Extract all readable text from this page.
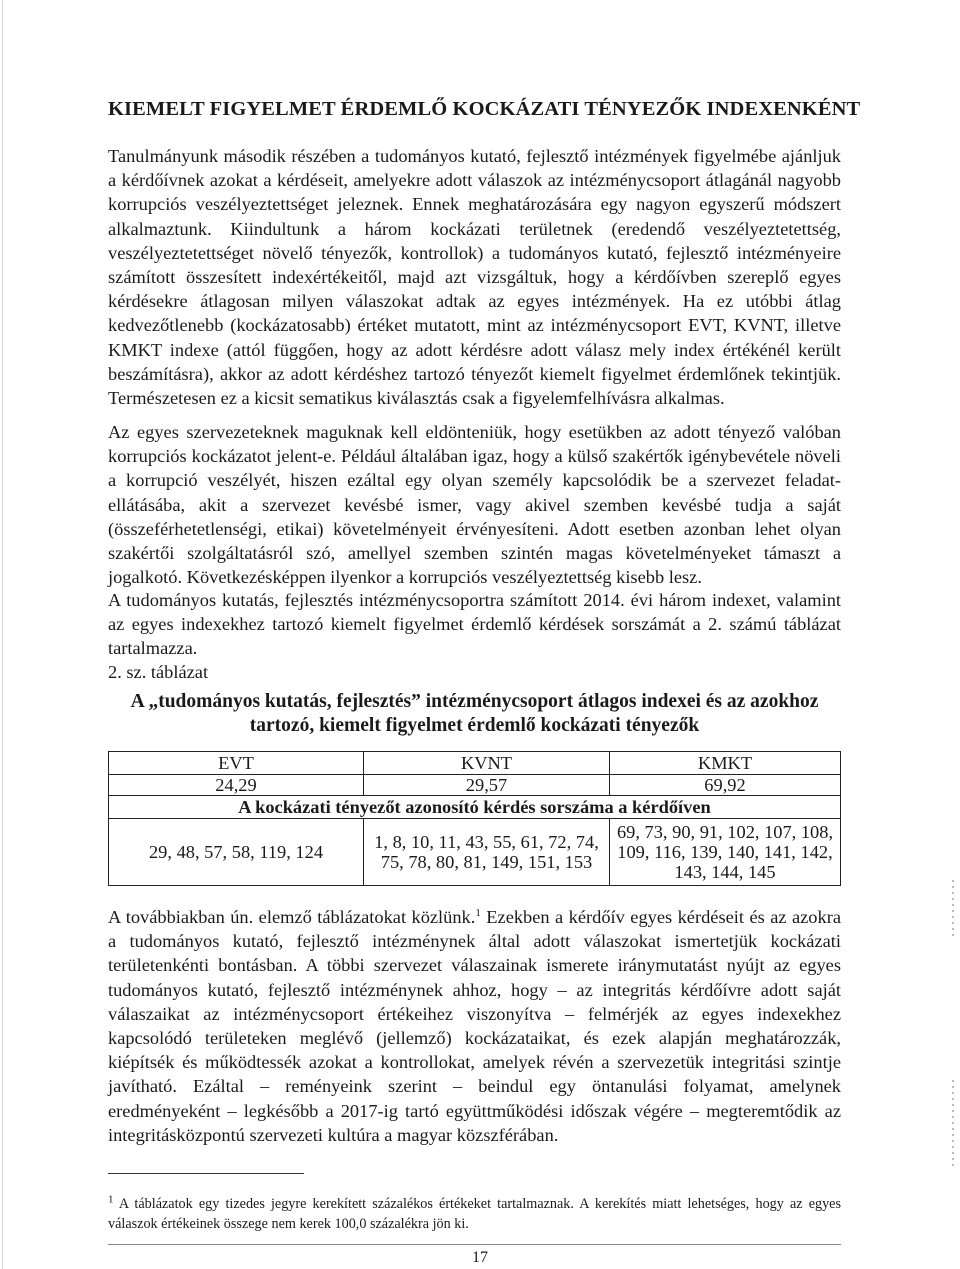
KIEMELT FIGYELMET ÉRDEMLŐ KOCKÁZATI TÉNYEZŐK INDEXENKÉNT

Tanulmányunk második részében a tudományos kutató, fejlesztő intézmények figyelmébe ajánljuk a kérdőívnek azokat a kérdéseit, amelyekre adott válaszok az intézménycsoport átlagánál nagyobb korrupciós veszélyeztettséget jeleznek. Ennek meghatározására egy nagyon egyszerű módszert alkalmaztunk. Kiindultunk a három kockázati területnek (eredendő veszélyeztetettség, veszélyeztetettséget növelő tényezők, kontrollok) a tudományos kutató, fejlesztő intézményeire számított összesített indexértékeitől, majd azt vizsgáltuk, hogy a kérdőívben szereplő egyes kérdésekre átlagosan milyen válaszokat adtak az egyes intézmények. Ha ez utóbbi átlag kedvezőtlenebb (kockázatosabb) értéket mutatott, mint az intézménycsoport EVT, KVNT, illetve KMKT indexe (attól függően, hogy az adott kérdésre adott válasz mely index értékénél került beszámításra), akkor az adott kérdéshez tartozó tényezőt kiemelt figyelmet érdemlőnek tekintjük. Természetesen ez a kicsit sematikus kiválasztás csak a figyelemfelhívásra alkalmas.

Az egyes szervezeteknek maguknak kell eldönteniük, hogy esetükben az adott tényező valóban korrupciós kockázatot jelent-e. Például általában igaz, hogy a külső szakértők igénybevétele növeli a korrupció veszélyét, hiszen ezáltal egy olyan személy kapcsolódik be a szervezet feladat-ellátásába, akit a szervezet kevésbé ismer, vagy akivel szemben kevésbé tudja a saját (összeférhetetlenségi, etikai) követelményeit érvényesíteni. Adott esetben azonban lehet olyan szakértői szolgáltatásról szó, amellyel szemben szintén magas követelményeket támaszt a jogalkotó. Következésképpen ilyenkor a korrupciós veszélyeztettség kisebb lesz.

A tudományos kutatás, fejlesztés intézménycsoportra számított 2014. évi három indexet, valamint az egyes indexekhez tartozó kiemelt figyelmet érdemlő kérdések sorszámát a 2. számú táblázat tartalmazza.

2. sz. táblázat
A „tudományos kutatás, fejlesztés” intézménycsoport átlagos indexei és az azokhoz tartozó, kiemelt figyelmet érdemlő kockázati tényezők
EVT	KVNT	KMKT
24,29	29,57	69,92
A kockázati tényezőt azonosító kérdés sorszáma a kérdőíven		
29, 48, 57, 58, 119, 124	1, 8, 10, 11, 43, 55, 61, 72, 74, 75, 78, 80, 81, 149, 151, 153	69, 73, 90, 91, 102, 107, 108, 109, 116, 139, 140, 141, 142, 143, 144, 145

A továbbiakban ún. elemző táblázatokat közlünk.$^1$ Ezekben a kérdőív egyes kérdéseit és az azokra a tudományos kutató, fejlesztő intézménynek által adott válaszokat ismertetjük kockázati területenkénti bontásban. A többi szervezet válaszainak ismerete iránymutatást nyújt az egyes tudományos kutató, fejlesztő intézménynek ahhoz, hogy – az integritás kérdőívre adott saját válaszaikat az intézménycsoport értékeihez viszonyítva – felmérjék az egyes indexekhez kapcsolódó területeken meglévő (jellemző) kockázataikat, és ezek alapján meghatározzák, kiépítsék és működtessék azokat a kontrollokat, amelyek révén a szervezetük integritási szintje javítható. Ezáltal – reményeink szerint – beindul egy öntanulási folyamat, amelynek eredményeként – legkésőbb a 2017-ig tartó együttműködési időszak végére – megteremtődik az integritásközpontú szervezeti kultúra a magyar közszférában.

$^1$ A táblázatok egy tizedes jegyre kerekített százalékos értékeket tartalmaznak. A kerekítés miatt lehetséges, hogy az egyes válaszok értékeinek összege nem kerek 100,0 százalékra jön ki.
17
